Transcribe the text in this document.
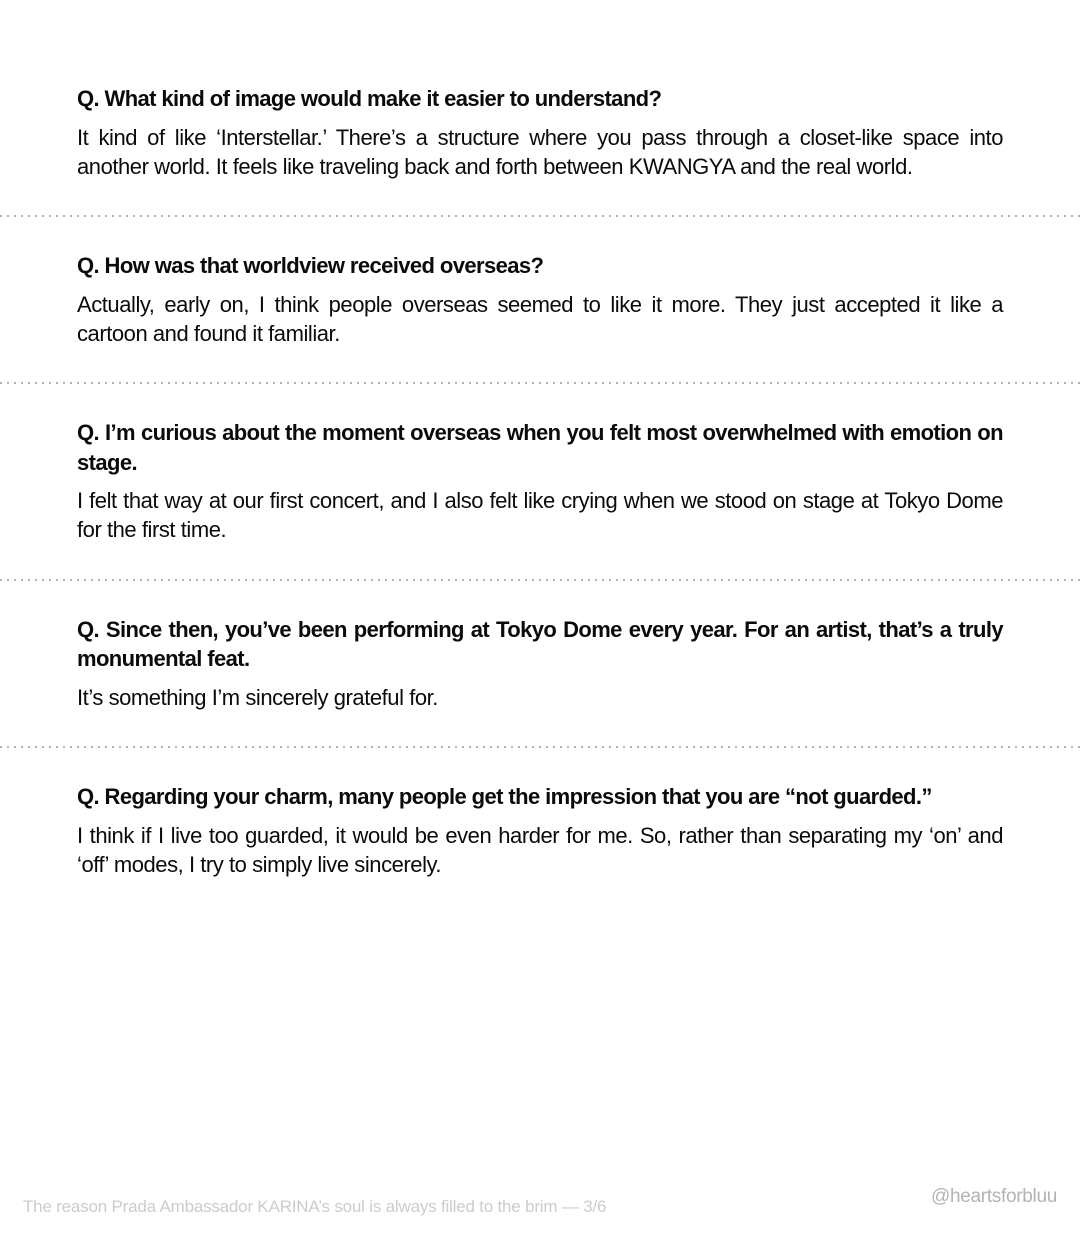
Q. What kind of image would make it easier to understand?

It kind of like ‘Interstellar.’ There’s a structure where you pass through a closet-like space into another world. It feels like traveling back and forth between KWANGYA and the real world.

Q. How was that worldview received overseas?

Actually, early on, I think people overseas seemed to like it more. They just accepted it like a cartoon and found it familiar.

Q. I’m curious about the moment overseas when you felt most overwhelmed with emotion on stage.

I felt that way at our first concert, and I also felt like crying when we stood on stage at Tokyo Dome for the first time.

Q. Since then, you’ve been performing at Tokyo Dome every year. For an artist, that’s a truly monumental feat.

It’s something I’m sincerely grateful for.

Q. Regarding your charm, many people get the impression that you are “not guarded.”

I think if I live too guarded, it would be even harder for me. So, rather than separating my ‘on’ and ‘off’ modes, I try to simply live sincerely.

The reason Prada Ambassador KARINA’s soul is always filled to the brim — 3/6	@heartsforbluu
